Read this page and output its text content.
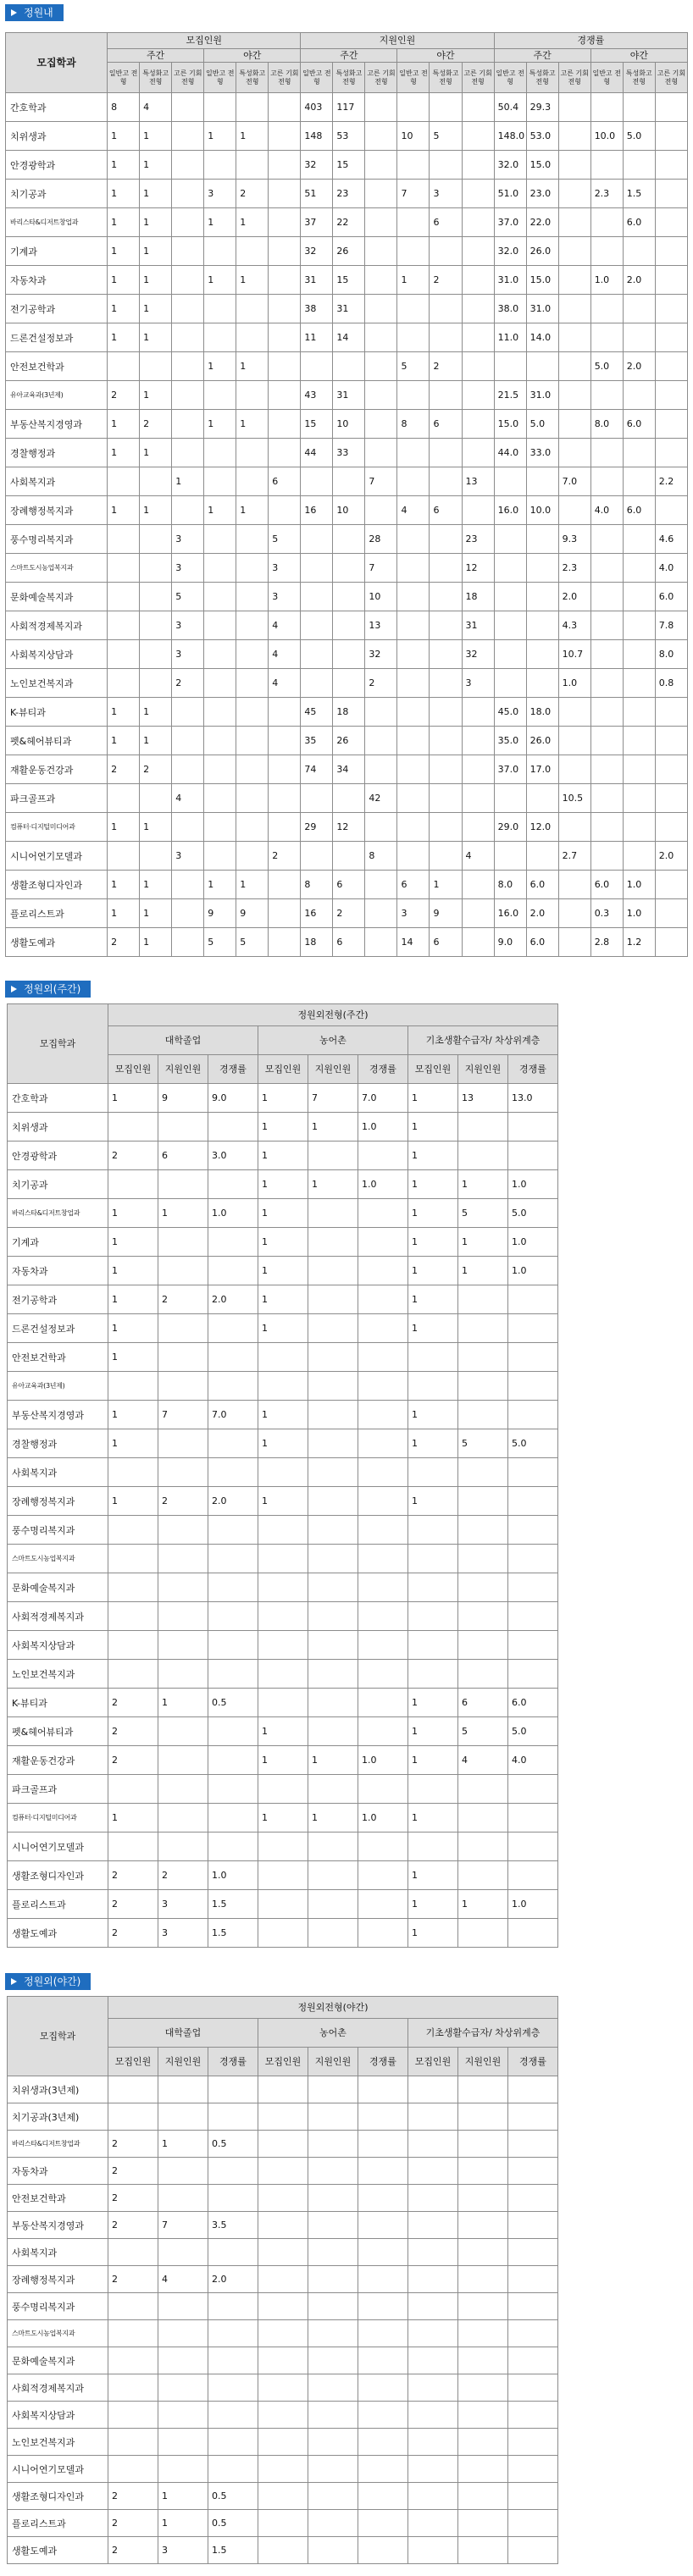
정원내
모집학과	모집인원						지원인원						경쟁률					
	주간			야간			주간			야간			주간			야간		
	일반고 전형	특성화고 전형	고른 기회 전형	일반고 전형	특성화고 전형	고른 기회 전형	일반고 전형	특성화고 전형	고른 기회 전형	일반고 전형	특성화고 전형	고른 기회 전형	일반고 전형	특성화고 전형	고른 기회 전형	일반고 전형	특성화고 전형	고른 기회 전형
간호학과	8	4					403	117					50.4	29.3				
치위생과	1	1		1	1		148	53		10	5		148.0	53.0		10.0	5.0	
안경광학과	1	1					32	15					32.0	15.0				
치기공과	1	1		3	2		51	23		7	3		51.0	23.0		2.3	1.5	
바리스타&디저트창업과	1	1		1	1		37	22			6		37.0	22.0			6.0	
기계과	1	1					32	26					32.0	26.0				
자동차과	1	1		1	1		31	15		1	2		31.0	15.0		1.0	2.0	
전기공학과	1	1					38	31					38.0	31.0				
드론건설정보과	1	1					11	14					11.0	14.0				
안전보건학과				1	1					5	2					5.0	2.0	
유아교육과(3년제)	2	1					43	31					21.5	31.0				
부동산복지경영과	1	2		1	1		15	10		8	6		15.0	5.0		8.0	6.0	
경찰행정과	1	1					44	33					44.0	33.0				
사회복지과			1			6			7			13			7.0			2.2
장례행정복지과	1	1		1	1		16	10		4	6		16.0	10.0		4.0	6.0	
풍수명리복지과			3			5			28			23			9.3			4.6
스마트도시농업복지과			3			3			7			12			2.3			4.0
문화예술복지과			5			3			10			18			2.0			6.0
사회적경제복지과			3			4			13			31			4.3			7.8
사회복지상담과			3			4			32			32			10.7			8.0
노인보건복지과			2			4			2			3			1.0			0.8
K-뷰티과	1	1					45	18					45.0	18.0				
펫&헤어뷰티과	1	1					35	26					35.0	26.0				
재활운동건강과	2	2					74	34					37.0	17.0				
파크골프과			4						42						10.5			
컴퓨터·디지털미디어과	1	1					29	12					29.0	12.0				
시니어연기모델과			3			2			8			4			2.7			2.0
생활조형디자인과	1	1		1	1		8	6		6	1		8.0	6.0		6.0	1.0	
플로리스트과	1	1		9	9		16	2		3	9		16.0	2.0		0.3	1.0	
생활도예과	2	1		5	5		18	6		14	6		9.0	6.0		2.8	1.2	
정원외(주간)
모집학과	정원외전형(주간)								
	대학졸업			농어촌			기초생활수급자/ 차상위계층		
	모집인원	지원인원	경쟁률	모집인원	지원인원	경쟁률	모집인원	지원인원	경쟁률
간호학과	1	9	9.0	1	7	7.0	1	13	13.0
치위생과				1	1	1.0	1		
안경광학과	2	6	3.0	1			1		
치기공과				1	1	1.0	1	1	1.0
바리스타&디저트창업과	1	1	1.0	1			1	5	5.0
기계과	1			1			1	1	1.0
자동차과	1			1			1	1	1.0
전기공학과	1	2	2.0	1			1		
드론건설정보과	1			1			1		
안전보건학과	1								
유아교육과(3년제)									
부동산복지경영과	1	7	7.0	1			1		
경찰행정과	1			1			1	5	5.0
사회복지과									
장례행정복지과	1	2	2.0	1			1		
풍수명리복지과									
스마트도시농업복지과									
문화예술복지과									
사회적경제복지과									
사회복지상담과									
노인보건복지과									
K-뷰티과	2	1	0.5				1	6	6.0
펫&헤어뷰티과	2			1			1	5	5.0
재활운동건강과	2			1	1	1.0	1	4	4.0
파크골프과									
컴퓨터·디지털미디어과	1			1	1	1.0	1		
시니어연기모델과									
생활조형디자인과	2	2	1.0				1		
플로리스트과	2	3	1.5				1	1	1.0
생활도예과	2	3	1.5				1		
정원외(야간)
모집학과	정원외전형(야간)								
	대학졸업			농어촌			기초생활수급자/ 차상위계층		
	모집인원	지원인원	경쟁률	모집인원	지원인원	경쟁률	모집인원	지원인원	경쟁률
치위생과(3년제)									
치기공과(3년제)									
바리스타&디저트창업과	2	1	0.5						
자동차과	2								
안전보건학과	2								
부동산복지경영과	2	7	3.5						
사회복지과									
장례행정복지과	2	4	2.0						
풍수명리복지과									
스마트도시농업복지과									
문화예술복지과									
사회적경제복지과									
사회복지상담과									
노인보건복지과									
시니어연기모델과									
생활조형디자인과	2	1	0.5						
플로리스트과	2	1	0.5						
생활도예과	2	3	1.5						
